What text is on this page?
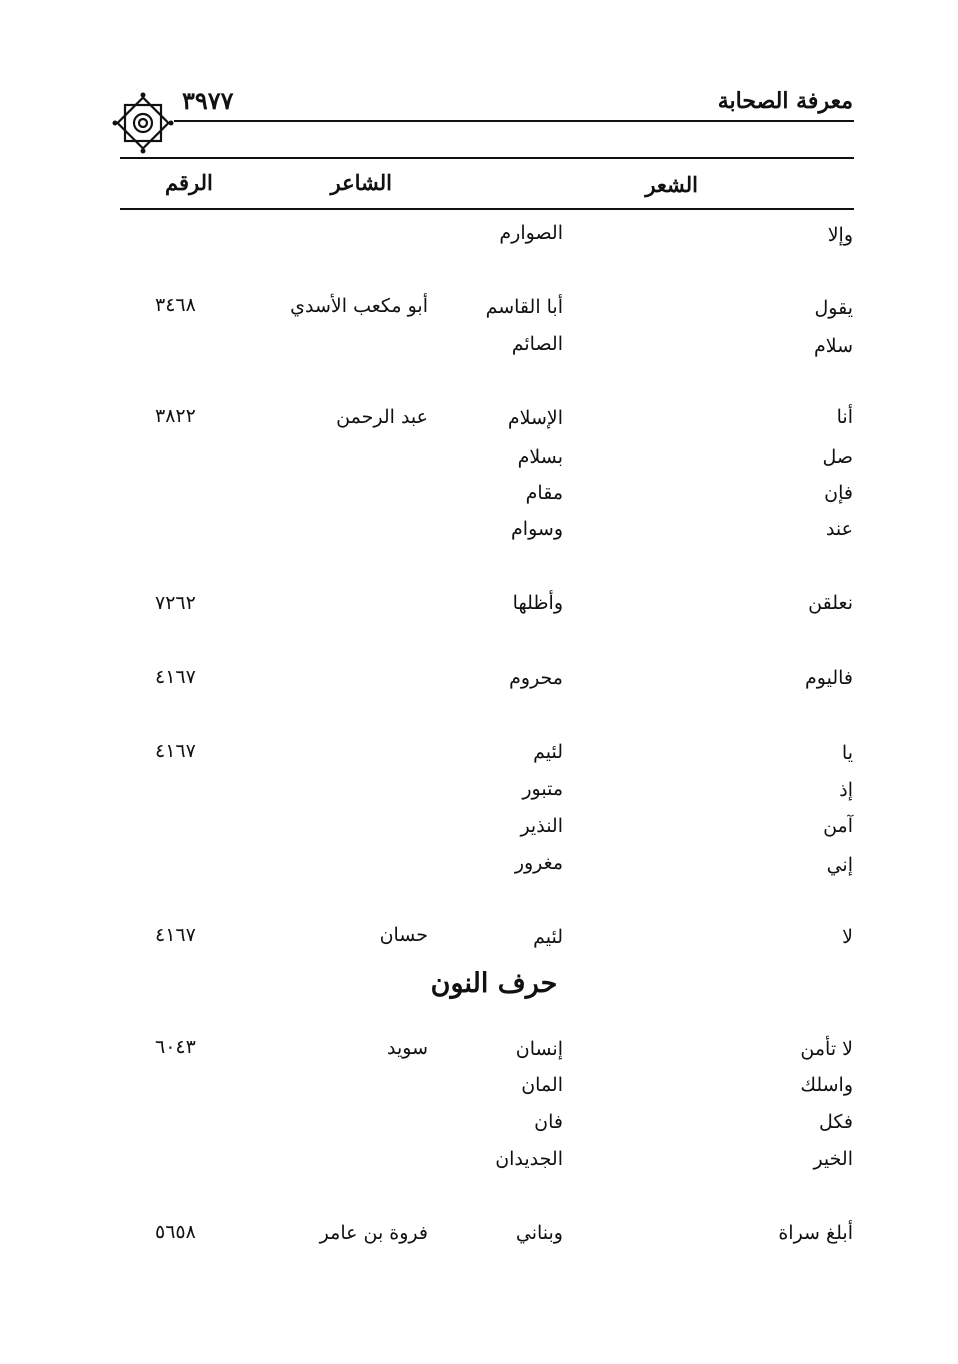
معرفة الصحابة
٣٩٧٧
الشعر
الشاعر
الرقم
وإلا
الصوارم
يقول
أبا القاسم
أبو مكعب الأسدي
٣٤٦٨
سلام
الصائم
أنا
الإسلام
عبد الرحمن
٣٨٢٢
صل
بسلام
فإن
مقام
عند
وسوام
نعلقن
وأظلها
٧٢٦٢
فاليوم
محروم
٤١٦٧
يا
لئيم
٤١٦٧
إذ
متبور
آمن
النذير
إني
مغرور
لا
لئيم
حسان
٤١٦٧
حرف النون
لا تأمن
إنسان
سويد
٦٠٤٣
واسلك
المان
فكل
فان
الخير
الجديدان
أبلغ سراة
وبناني
فروة بن عامر
٥٦٥٨
